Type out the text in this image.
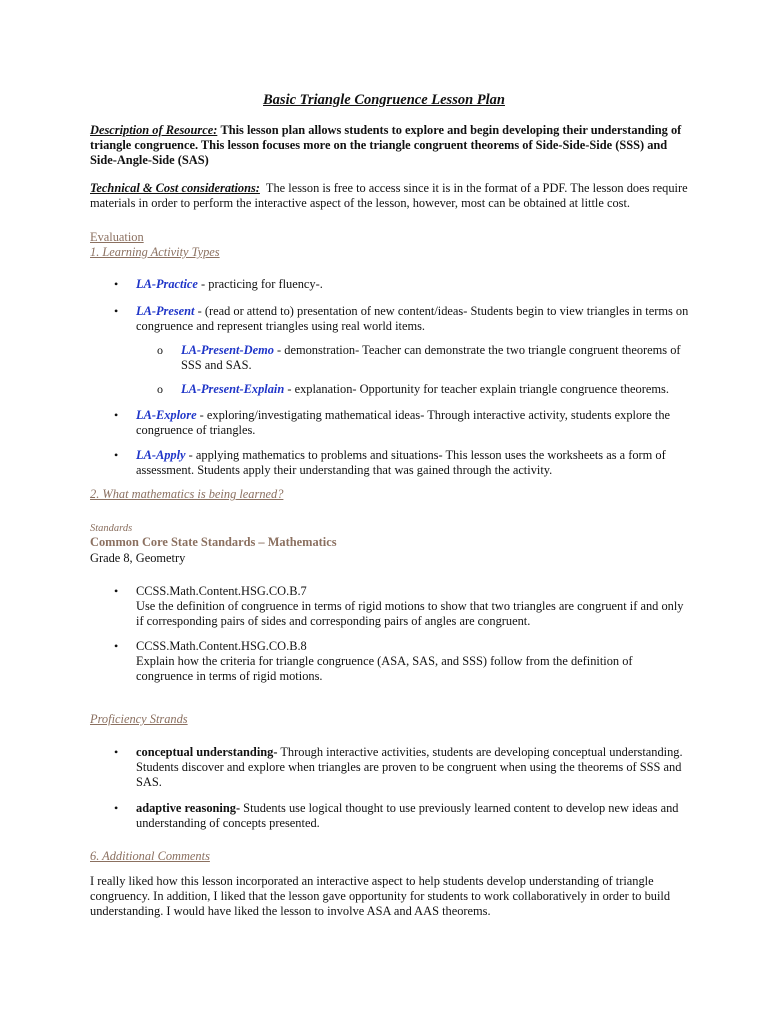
Basic Triangle Congruence Lesson Plan
Description of Resource: This lesson plan allows students to explore and begin developing their understanding of triangle congruence. This lesson focuses more on the triangle congruent theorems of Side-Side-Side (SSS) and Side-Angle-Side (SAS)
Technical & Cost considerations: The lesson is free to access since it is in the format of a PDF. The lesson does require materials in order to perform the interactive aspect of the lesson, however, most can be obtained at little cost.
Evaluation
1. Learning Activity Types
• LA-Practice - practicing for fluency-.
• LA-Present - (read or attend to) presentation of new content/ideas- Students begin to view triangles in terms on congruence and represent triangles using real world items.
o LA-Present-Demo - demonstration- Teacher can demonstrate the two triangle congruent theorems of SSS and SAS.
o LA-Present-Explain - explanation- Opportunity for teacher explain triangle congruence theorems.
• LA-Explore - exploring/investigating mathematical ideas- Through interactive activity, students explore the congruence of triangles.
• LA-Apply - applying mathematics to problems and situations- This lesson uses the worksheets as a form of assessment. Students apply their understanding that was gained through the activity.
2. What mathematics is being learned?
Standards
Common Core State Standards – Mathematics
Grade 8, Geometry
• CCSS.Math.Content.HSG.CO.B.7
Use the definition of congruence in terms of rigid motions to show that two triangles are congruent if and only if corresponding pairs of sides and corresponding pairs of angles are congruent.
• CCSS.Math.Content.HSG.CO.B.8
Explain how the criteria for triangle congruence (ASA, SAS, and SSS) follow from the definition of congruence in terms of rigid motions.
Proficiency Strands
• conceptual understanding- Through interactive activities, students are developing conceptual understanding. Students discover and explore when triangles are proven to be congruent when using the theorems of SSS and SAS.
• adaptive reasoning- Students use logical thought to use previously learned content to develop new ideas and understanding of concepts presented.
6. Additional Comments
I really liked how this lesson incorporated an interactive aspect to help students develop understanding of triangle congruency. In addition, I liked that the lesson gave opportunity for students to work collaboratively in order to build understanding. I would have liked the lesson to involve ASA and AAS theorems.
